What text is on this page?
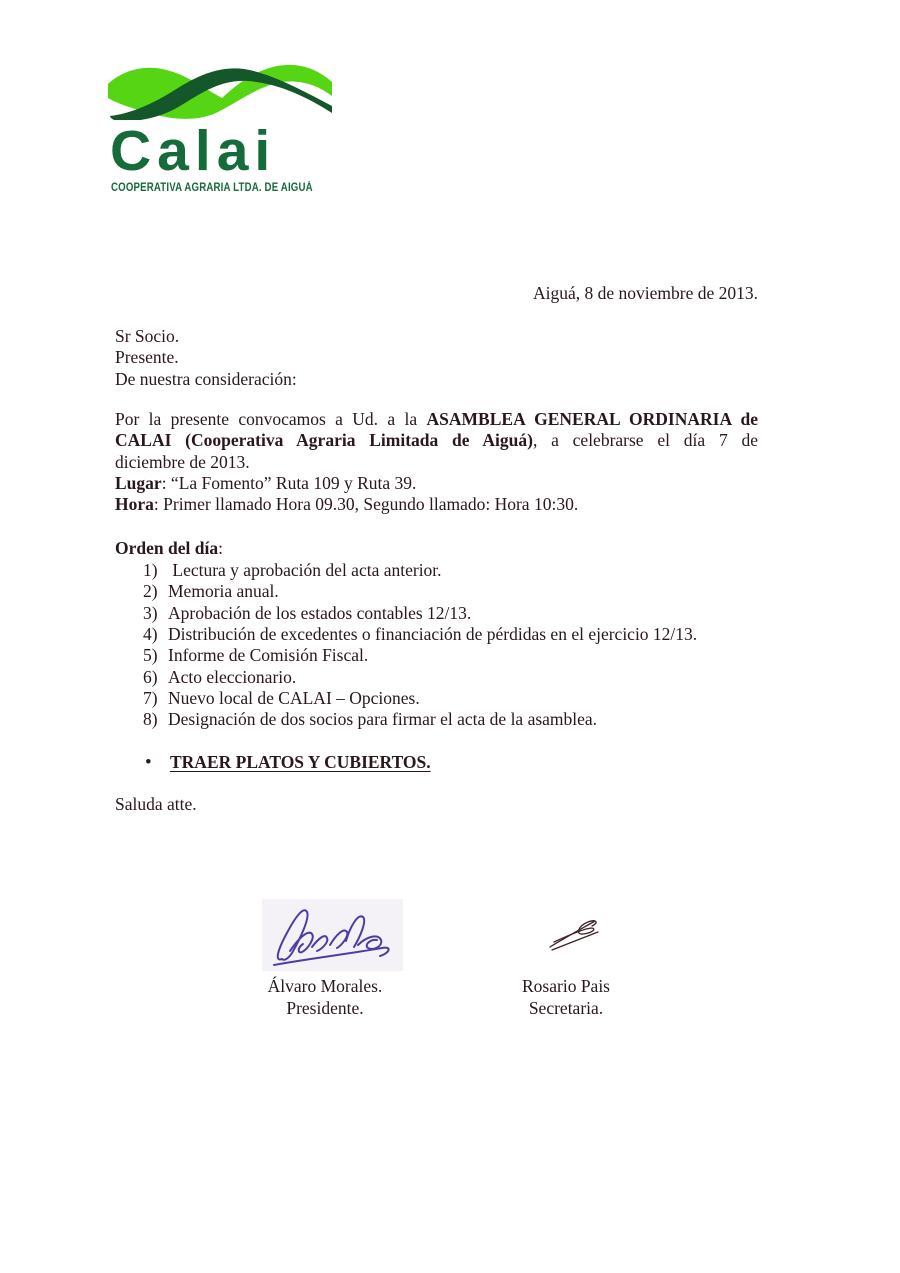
Calai
COOPERATIVA AGRARIA LTDA. DE AIGUÁ
Aiguá, 8 de noviembre de 2013.
Sr Socio.
Presente.
De nuestra consideración:
Por la presente convocamos a Ud. a la ASAMBLEA GENERAL ORDINARIA de
CALAI (Cooperativa Agraria Limitada de Aiguá), a celebrarse el día 7 de
diciembre de 2013.
Lugar: “La Fomento” Ruta 109 y Ruta 39.
Hora: Primer llamado Hora 09.30, Segundo llamado: Hora 10:30.
Orden del día:
1) Lectura y aprobación del acta anterior.
2) Memoria anual.
3) Aprobación de los estados contables 12/13.
4) Distribución de excedentes o financiación de pérdidas en el ejercicio 12/13.
5) Informe de Comisión Fiscal.
6) Acto eleccionario.
7) Nuevo local de CALAI – Opciones.
8) Designación de dos socios para firmar el acta de la asamblea.
• TRAER PLATOS Y CUBIERTOS.
Saluda atte.
Álvaro Morales.
Presidente.
Rosario Pais
Secretaria.
